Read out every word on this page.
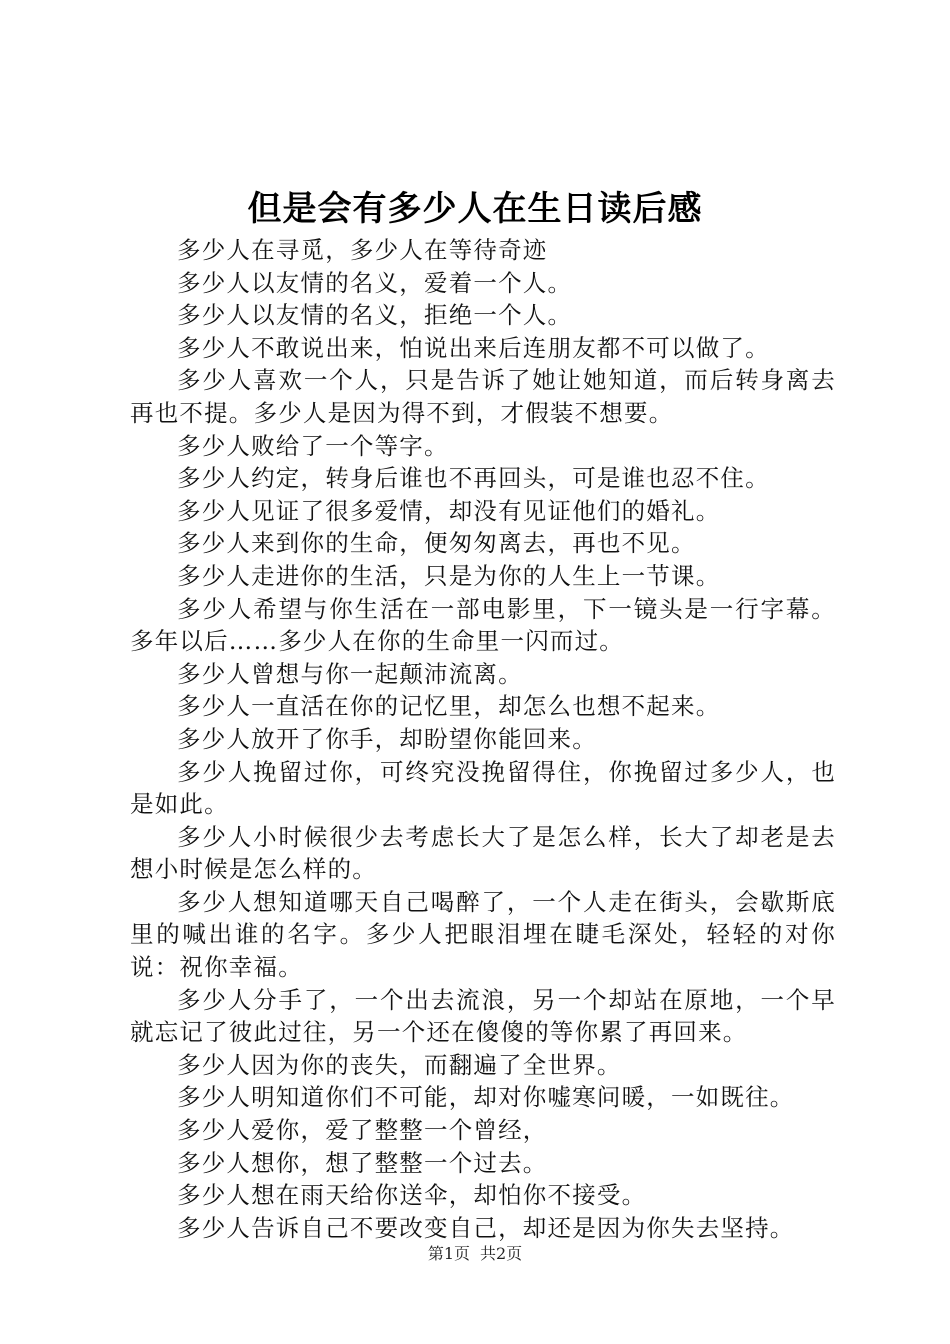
但是会有多少人在生日读后感

多少人在寻觅，多少人在等待奇迹

多少人以友情的名义，爱着一个人。

多少人以友情的名义，拒绝一个人。

多少人不敢说出来，怕说出来后连朋友都不可以做了。

多少人喜欢一个人，只是告诉了她让她知道，而后转身离去再也不提。多少人是因为得不到，才假装不想要。

多少人败给了一个等字。

多少人约定，转身后谁也不再回头，可是谁也忍不住。

多少人见证了很多爱情，却没有见证他们的婚礼。

多少人来到你的生命，便匆匆离去，再也不见。

多少人走进你的生活，只是为你的人生上一节课。

多少人希望与你生活在一部电影里，下一镜头是一行字幕。多年以后……多少人在你的生命里一闪而过。

多少人曾想与你一起颠沛流离。

多少人一直活在你的记忆里，却怎么也想不起来。

多少人放开了你手，却盼望你能回来。

多少人挽留过你，可终究没挽留得住，你挽留过多少人，也是如此。

多少人小时候很少去考虑长大了是怎么样，长大了却老是去想小时候是怎么样的。

多少人想知道哪天自己喝醉了，一个人走在街头，会歇斯底里的喊出谁的名字。多少人把眼泪埋在睫毛深处，轻轻的对你说：祝你幸福。

多少人分手了，一个出去流浪，另一个却站在原地，一个早就忘记了彼此过往，另一个还在傻傻的等你累了再回来。

多少人因为你的丧失，而翻遍了全世界。

多少人明知道你们不可能，却对你嘘寒问暖，一如既往。

多少人爱你，爱了整整一个曾经，

多少人想你，想了整整一个过去。

多少人想在雨天给你送伞，却怕你不接受。

多少人告诉自己不要改变自己，却还是因为你失去坚持。

第1页 共2页
